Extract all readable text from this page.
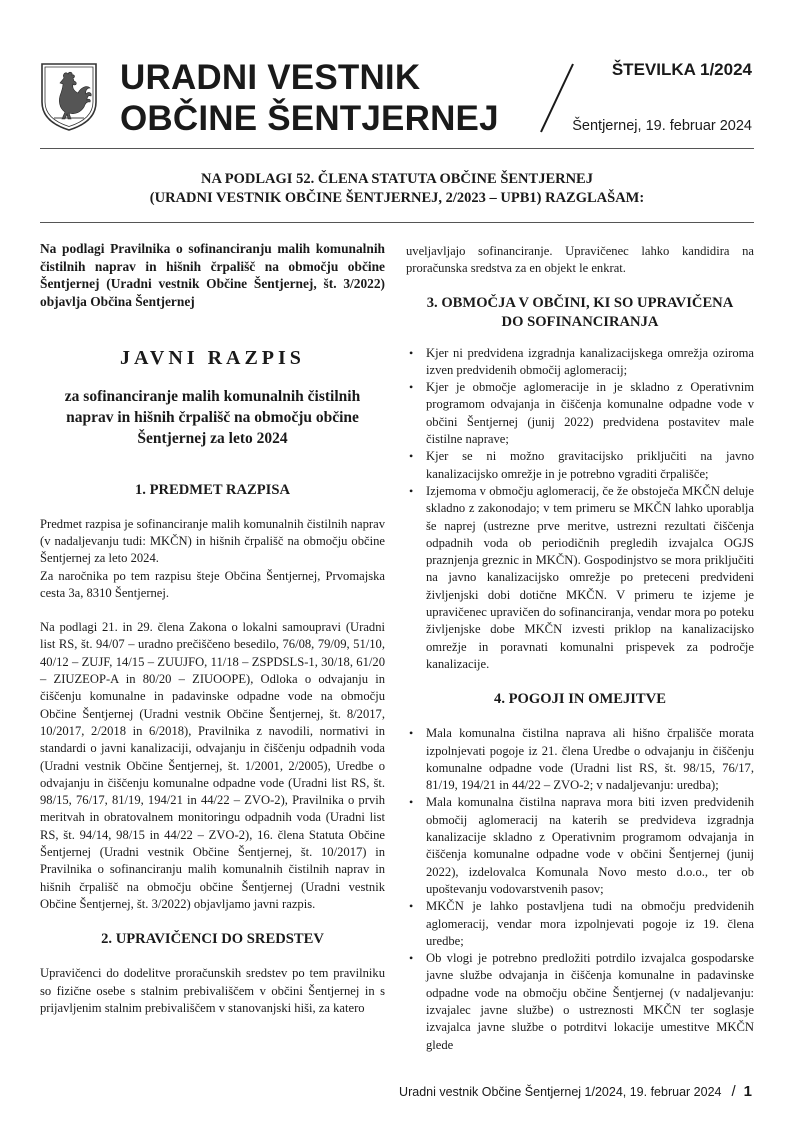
URADNI VESTNIK
OBČINE ŠENTJERNEJ
ŠTEVILKA 1/2024
Šentjernej, 19. februar 2024
NA PODLAGI 52. ČLENA STATUTA OBČINE ŠENTJERNEJ
(URADNI VESTNIK OBČINE ŠENTJERNEJ, 2/2023 – UPB1) RAZGLAŠAM:

Na podlagi Pravilnika o sofinanciranju malih komunalnih čistilnih naprav in hišnih črpališč na območju občine Šentjernej (Uradni vestnik Občine Šentjernej, št. 3/2022) objavlja Občina Šentjernej

JAVNI RAZPIS
za sofinanciranje malih komunalnih čistilnih naprav in hišnih črpališč na območju občine Šentjernej za leto 2024
1. PREDMET RAZPISA

Predmet razpisa je sofinanciranje malih komunalnih čistilnih naprav (v nadaljevanju tudi: MKČN) in hišnih črpališč na območju občine Šentjernej za leto 2024.

Za naročnika po tem razpisu šteje Občina Šentjernej, Prvomajska cesta 3a, 8310 Šentjernej.

Na podlagi 21. in 29. člena Zakona o lokalni samoupravi (Uradni list RS, št. 94/07 – uradno prečiščeno besedilo, 76/08, 79/09, 51/10, 40/12 – ZUJF, 14/15 – ZUUJFO, 11/18 – ZSPDSLS-1, 30/18, 61/20 – ZIUZEOP-A in 80/20 – ZIUOOPE), Odloka o odvajanju in čiščenju komunalne in padavinske odpadne vode na območju Občine Šentjernej (Uradni vestnik Občine Šentjernej, št. 8/2017, 10/2017, 2/2018 in 6/2018), Pravilnika z navodili, normativi in standardi o javni kanalizaciji, odvajanju in čiščenju odpadnih voda (Uradni vestnik Občine Šentjernej, št. 1/2001, 2/2005), Uredbe o odvajanju in čiščenju komunalne odpadne vode (Uradni list RS, št. 98/15, 76/17, 81/19, 194/21 in 44/22 – ZVO-2), Pravilnika o prvih meritvah in obratovalnem monitoringu odpadnih voda (Uradni list RS, št. 94/14, 98/15 in 44/22 – ZVO-2), 16. člena Statuta Občine Šentjernej (Uradni vestnik Občine Šentjernej, št. 10/2017) in Pravilnika o sofinanciranju malih komunalnih čistilnih naprav in hišnih črpališč na območju občine Šentjernej (Uradni vestnik Občine Šentjernej, št. 3/2022) objavljamo javni razpis.

2. UPRAVIČENCI DO SREDSTEV

Upravičenci do dodelitve proračunskih sredstev po tem pravilniku so fizične osebe s stalnim prebivališčem v občini Šentjernej in s prijavljenim stalnim prebivališčem v stanovanjski hiši, za katero

uveljavljajo sofinanciranje. Upravičenec lahko kandidira na proračunska sredstva za en objekt le enkrat.

3. OBMOČJA V OBČINI, KI SO UPRAVIČENA
DO SOFINANCIRANJA
• Kjer ni predvidena izgradnja kanalizacijskega omrežja oziroma izven predvidenih območij aglomeracij;
• Kjer je območje aglomeracije in je skladno z Operativnim programom odvajanja in čiščenja komunalne odpadne vode v občini Šentjernej (junij 2022) predvidena postavitev male čistilne naprave;
• Kjer se ni možno gravitacijsko priključiti na javno kanalizacijsko omrežje in je potrebno vgraditi črpališče;
• Izjemoma v območju aglomeracij, če že obstoječa MKČN deluje skladno z zakonodajo; v tem primeru se MKČN lahko uporablja še naprej (ustrezne prve meritve, ustrezni rezultati čiščenja odpadnih voda ob periodičnih pregledih izvajalca OGJS praznjenja greznic in MKČN). Gospodinjstvo se mora priključiti na javno kanalizacijsko omrežje po preteceni predvideni življenjski dobi dotične MKČN. V primeru te izjeme je upravičenec upravičen do sofinanciranja, vendar mora po poteku življenjske dobe MKČN izvesti priklop na kanalizacijsko omrežje in poravnati komunalni prispevek za področje kanalizacije.
4. POGOJI IN OMEJITVE
• Mala komunalna čistilna naprava ali hišno črpališče morata izpolnjevati pogoje iz 21. člena Uredbe o odvajanju in čiščenju komunalne odpadne vode (Uradni list RS, št. 98/15, 76/17, 81/19, 194/21 in 44/22 – ZVO-2; v nadaljevanju: uredba);
• Mala komunalna čistilna naprava mora biti izven predvidenih območij aglomeracij na katerih se predvideva izgradnja kanalizacije skladno z Operativnim programom odvajanja in čiščenja komunalne odpadne vode v občini Šentjernej (junij 2022), izdelovalca Komunala Novo mesto d.o.o., ter ob upoštevanju vodovarstvenih pasov;
• MKČN je lahko postavljena tudi na območju predvidenih aglomeracij, vendar mora izpolnjevati pogoje iz 19. člena uredbe;
• Ob vlogi je potrebno predložiti potrdilo izvajalca gospodarske javne službe odvajanja in čiščenja komunalne in padavinske odpadne vode na območju občine Šentjernej (v nadaljevanju: izvajalec javne službe) o ustreznosti MKČN ter soglasje izvajalca javne službe o potrditvi lokacije umestitve MKČN glede
Uradni vestnik Občine Šentjernej 1/2024, 19. februar 2024 / 1
